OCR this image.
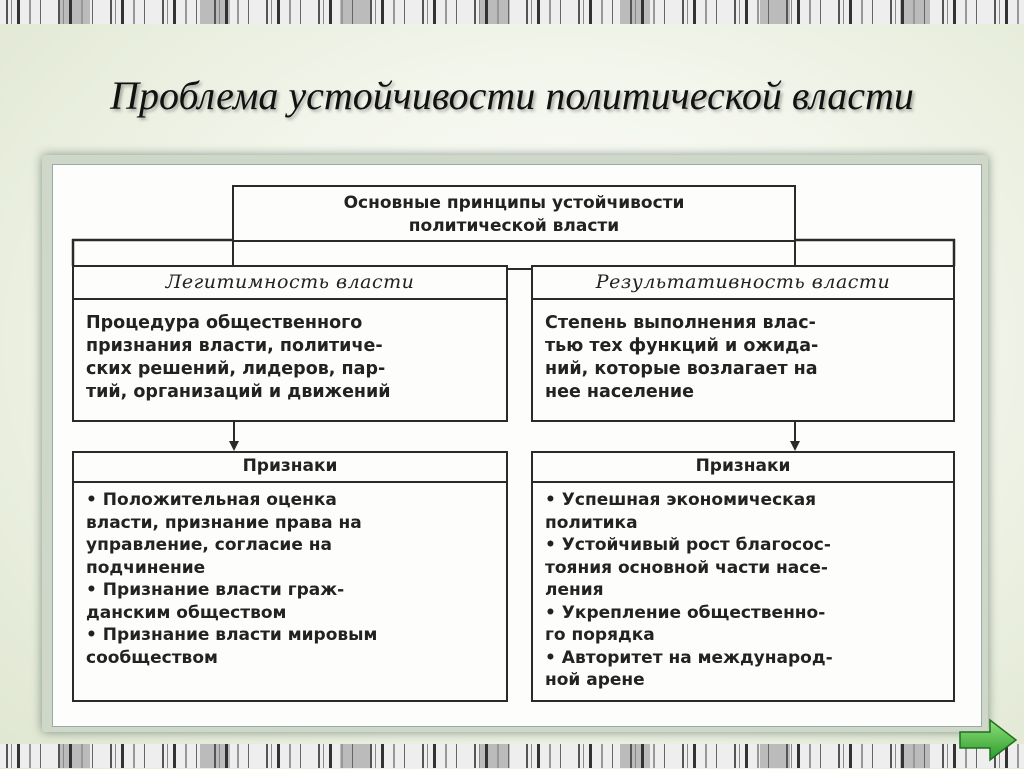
Проблема устойчивости политической власти
Основные принципы устойчивости
политической власти
Легитимность власти
Процедура общественного
признания власти, политиче-
ских решений, лидеров, пар-
тий, организаций и движений
Результативность власти
Степень выполнения влас-
тью тех функций и ожида-
ний, которые возлагает на
нее население
Признаки
• Положительная оценка
власти, признание права на
управление, согласие на
подчинение
• Признание власти граж-
данским обществом
• Признание власти мировым
сообществом
Признаки
• Успешная экономическая
политика
• Устойчивый рост благосос-
тояния основной части насе-
ления
• Укрепление общественно-
го порядка
• Авторитет на международ-
ной арене
